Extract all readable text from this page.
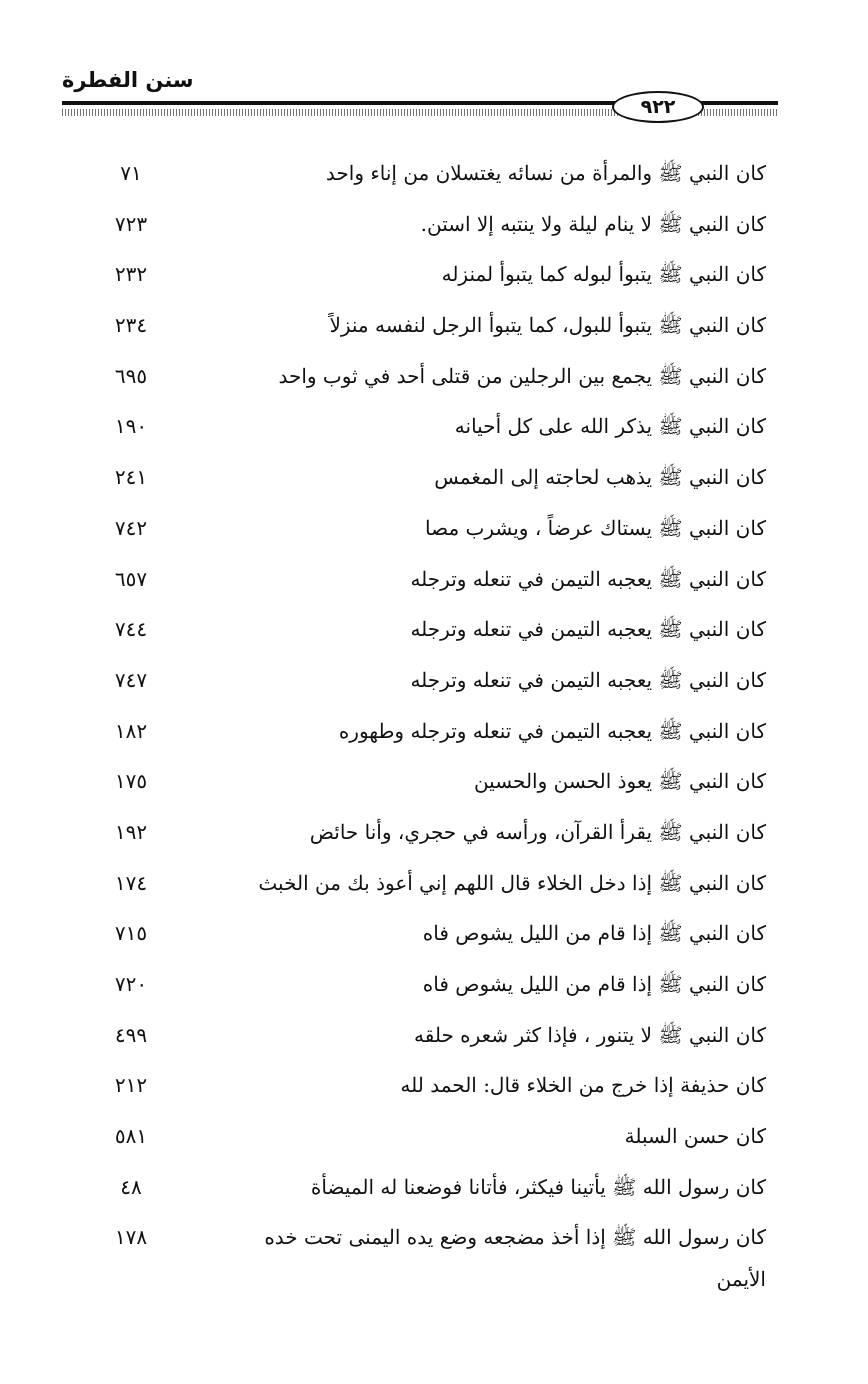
سنن الفطرة
٩٢٢
كان النبي ﷺ والمرأة من نسائه يغتسلان من إناء واحد
٧١
كان النبي ﷺ لا ينام ليلة ولا ينتبه إلا استن.
٧٢٣
كان النبي ﷺ يتبوأ لبوله كما يتبوأ لمنزله
٢٣٢
كان النبي ﷺ يتبوأ للبول، كما يتبوأ الرجل لنفسه منزلاً
٢٣٤
كان النبي ﷺ يجمع بين الرجلين من قتلى أحد في ثوب واحد
٦٩٥
كان النبي ﷺ يذكر الله على كل أحيانه
١٩٠
كان النبي ﷺ يذهب لحاجته إلى المغمس
٢٤١
كان النبي ﷺ يستاك عرضاً ، ويشرب مصا
٧٤٢
كان النبي ﷺ يعجبه التيمن في تنعله وترجله
٦٥٧
كان النبي ﷺ يعجبه التيمن في تنعله وترجله
٧٤٤
كان النبي ﷺ يعجبه التيمن في تنعله وترجله
٧٤٧
كان النبي ﷺ يعجبه التيمن في تنعله وترجله وطهوره
١٨٢
كان النبي ﷺ يعوذ الحسن والحسين
١٧٥
كان النبي ﷺ يقرأ القرآن، ورأسه في حجري، وأنا حائض
١٩٢
كان النبي ﷺ إذا دخل الخلاء قال اللهم إني أعوذ بك من الخبث
١٧٤
كان النبي ﷺ إذا قام من الليل يشوص فاه
٧١٥
كان النبي ﷺ إذا قام من الليل يشوص فاه
٧٢٠
كان النبي ﷺ لا يتنور ، فإذا كثر شعره حلقه
٤٩٩
كان حذيفة إذا خرج من الخلاء قال: الحمد لله
٢١٢
كان حسن السبلة
٥٨١
كان رسول الله ﷺ يأتينا فيكثر، فأتانا فوضعنا له الميضأة
٤٨
كان رسول الله ﷺ إذا أخذ مضجعه وضع يده اليمنى تحت خده
١٧٨
الأيمن
